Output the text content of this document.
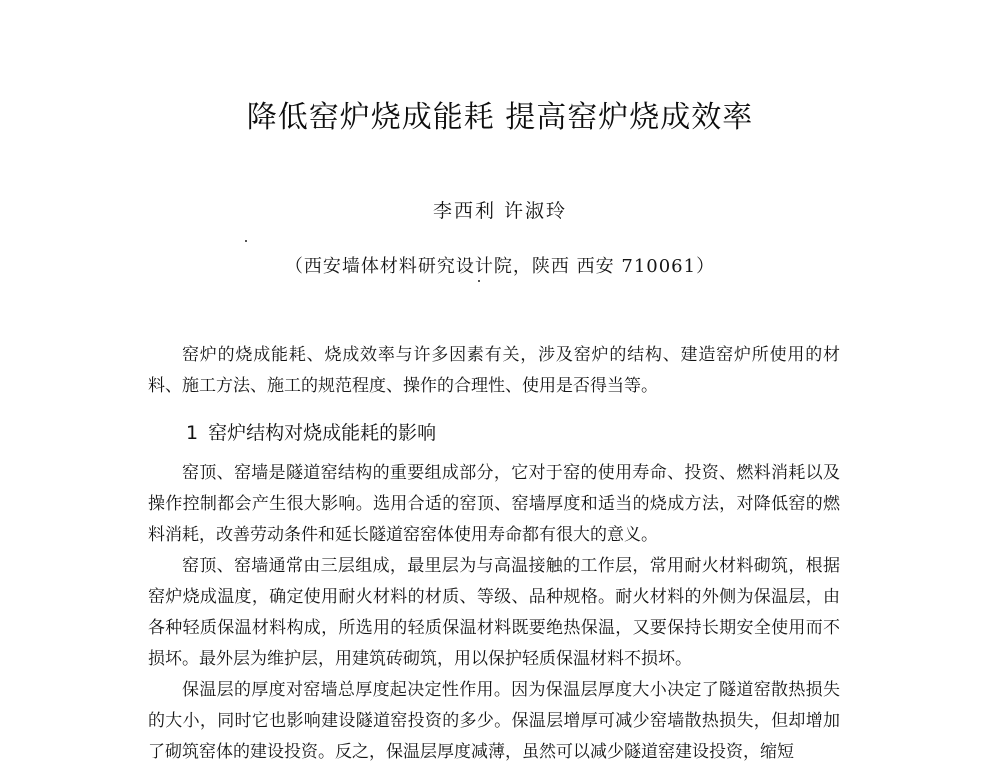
降低窑炉烧成能耗 提高窑炉烧成效率
李西利 许淑玲
（西安墙体材料研究设计院，陕西 西安 710061）

窑炉的烧成能耗、烧成效率与许多因素有关，涉及窑炉的结构、建造窑炉所使用的材料、施工方法、施工的规范程度、操作的合理性、使用是否得当等。

1 窑炉结构对烧成能耗的影响

窑顶、窑墙是隧道窑结构的重要组成部分，它对于窑的使用寿命、投资、燃料消耗以及操作控制都会产生很大影响。选用合适的窑顶、窑墙厚度和适当的烧成方法，对降低窑的燃料消耗，改善劳动条件和延长隧道窑窑体使用寿命都有很大的意义。

窑顶、窑墙通常由三层组成，最里层为与高温接触的工作层，常用耐火材料砌筑，根据窑炉烧成温度，确定使用耐火材料的材质、等级、品种规格。耐火材料的外侧为保温层，由各种轻质保温材料构成，所选用的轻质保温材料既要绝热保温，又要保持长期安全使用而不损坏。最外层为维护层，用建筑砖砌筑，用以保护轻质保温材料不损坏。

保温层的厚度对窑墙总厚度起决定性作用。因为保温层厚度大小决定了隧道窑散热损失的大小，同时它也影响建设隧道窑投资的多少。保温层增厚可减少窑墙散热损失，但却增加了砌筑窑体的建设投资。反之，保温层厚度减薄，虽然可以减少隧道窑建设投资，缩短
